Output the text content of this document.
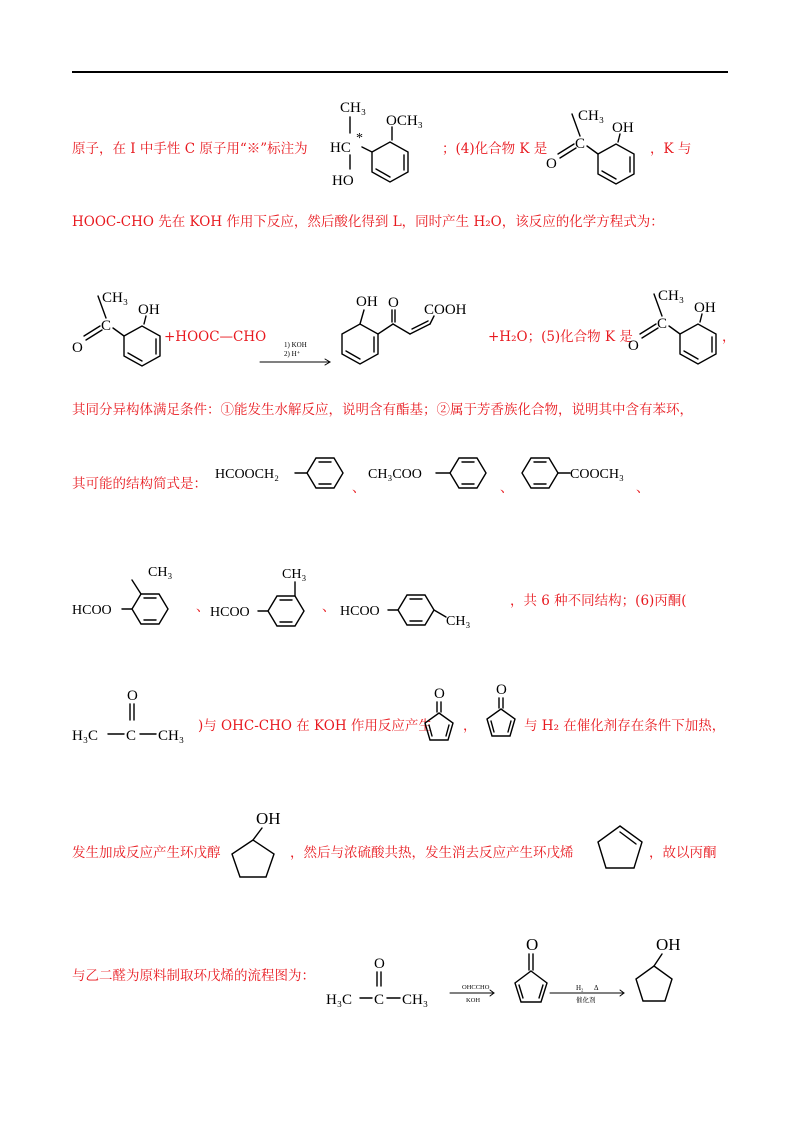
原子，在 I 中手性 C 原子用“※”标注为
CH₃
HC
*
HO
OCH₃
；(4)化合物 K 是
CH₃
C
O
OH
，K 与
HOOC-CHO 先在 KOH 作用下反应，然后酸化得到 L，同时产生 H₂O，该反应的化学方程式为：
CH₃
C
O
OH
+HOOC—CHO	1) KOH
2) H⁺
OH O COOH
+H₂O；(5)化合物 K 是
CH₃
C
O
OH
，
其同分异构体满足条件：①能发生水解反应，说明含有酯基；②属于芳香族化合物，说明其中含有苯环，
其可能的结构简式是：
HCOOCH₂
、
CH₃COO
、
COOCH₃
、
HCOO
CH₃
、 HCOO
CH₃
、 HCOO
CH₃
，共 6 种不同结构；(6)丙酮(
O
H₃C C CH₃
)与 OHC-CHO 在 KOH 作用反应产生
O
，
O
与 H₂ 在催化剂存在条件下加热，
发生加成反应产生环戊醇
OH
，然后与浓硫酸共热，发生消去反应产生环戊烯	，故以丙酮
与乙二醛为原料制取环戊烯的流程图为：
O
H₃C C CH₃
OHCCHO
KOH
O
H₂ Δ
催化剂
OH
